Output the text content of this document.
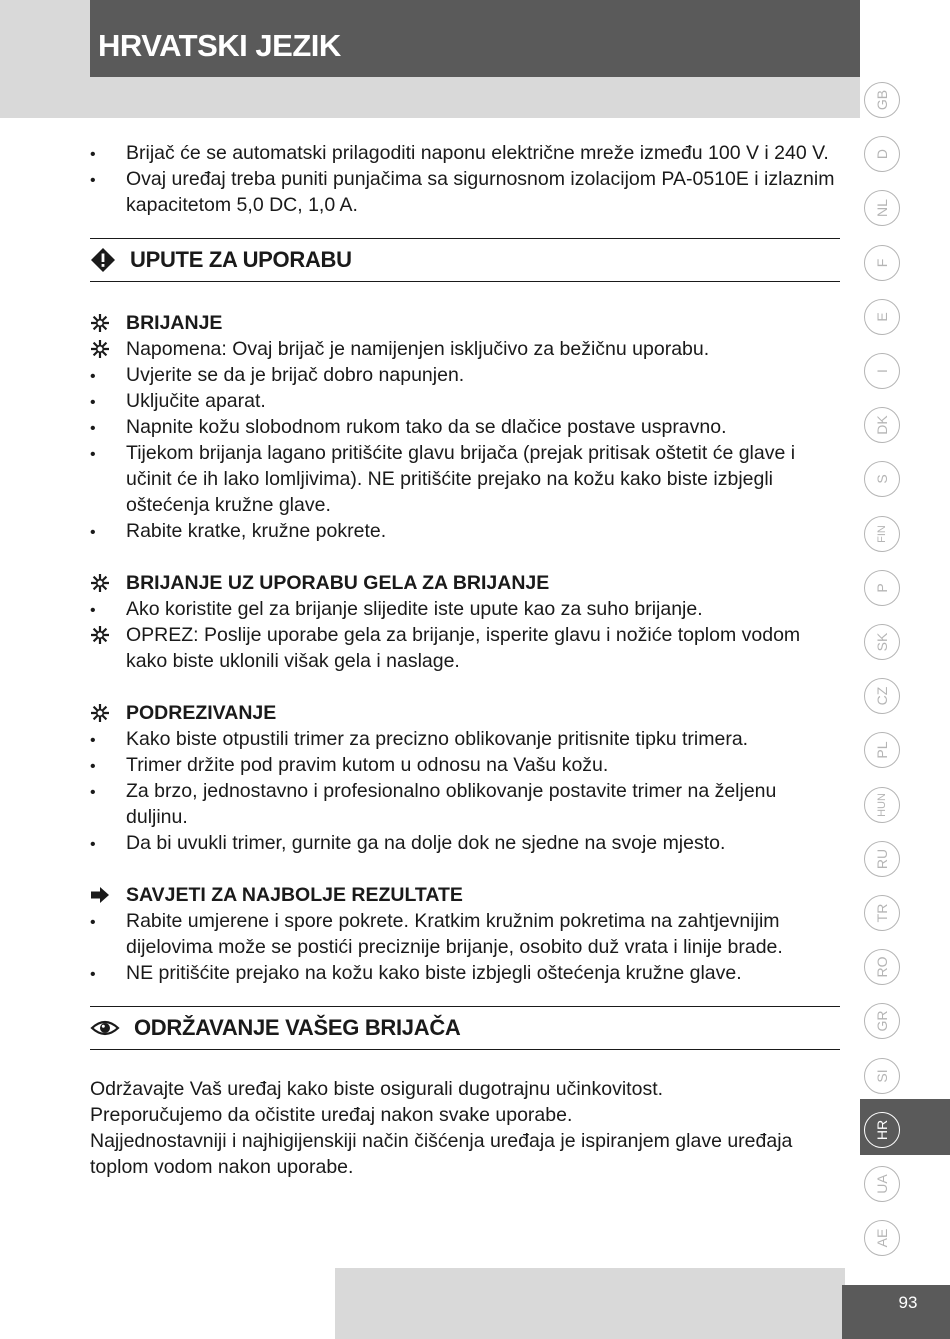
HRVATSKI JEZIK
GB
D
NL
F
E
I
DK
S
FIN
P
SK
CZ
PL
HUN
RU
TR
RO
GR
SI
HR
UA
AE
93
•
Brijač će se automatski prilagoditi naponu električne mreže između 100 V i 240 V.
•
Ovaj uređaj treba puniti punjačima sa sigurnosnom izolacijom PA-0510E i izlaznim kapacitetom 5,0 DC, 1,0 A.
UPUTE ZA UPORABU
BRIJANJE
Napomena: Ovaj brijač je namijenjen isključivo za bežičnu uporabu.
•
Uvjerite se da je brijač dobro napunjen.
•
Uključite aparat.
•
Napnite kožu slobodnom rukom tako da se dlačice postave uspravno.
•
Tijekom brijanja lagano pritišćite glavu brijača (prejak pritisak oštetit će glave i učinit će ih lako lomljivima). NE pritišćite prejako na kožu kako biste izbjegli oštećenja kružne glave.
•
Rabite kratke, kružne pokrete.
BRIJANJE UZ UPORABU GELA ZA BRIJANJE
•
Ako koristite gel za brijanje slijedite iste upute kao za suho brijanje.
OPREZ: Poslije uporabe gela za brijanje, isperite glavu i nožiće toplom vodom kako biste uklonili višak gela i naslage.
PODREZIVANJE
•
Kako biste otpustili trimer za precizno oblikovanje pritisnite tipku trimera.
•
Trimer držite pod pravim kutom u odnosu na Vašu kožu.
•
Za brzo, jednostavno i profesionalno oblikovanje postavite trimer na željenu duljinu.
•
Da bi uvukli trimer, gurnite ga na dolje dok ne sjedne na svoje mjesto.
SAVJETI ZA NAJBOLJE REZULTATE
•
Rabite umjerene i spore pokrete. Kratkim kružnim pokretima na zahtjevnijim dijelovima može se postići preciznije brijanje, osobito duž vrata i linije brade.
•
NE pritišćite prejako na kožu kako biste izbjegli oštećenja kružne glave.
ODRŽAVANJE VAŠEG BRIJAČA

Održavajte Vaš uređaj kako biste osigurali dugotrajnu učinkovitost.

Preporučujemo da očistite uređaj nakon svake uporabe.

Najjednostavniji i najhigijenskiji način čišćenja uređaja je ispiranjem glave uređaja toplom vodom nakon uporabe.
